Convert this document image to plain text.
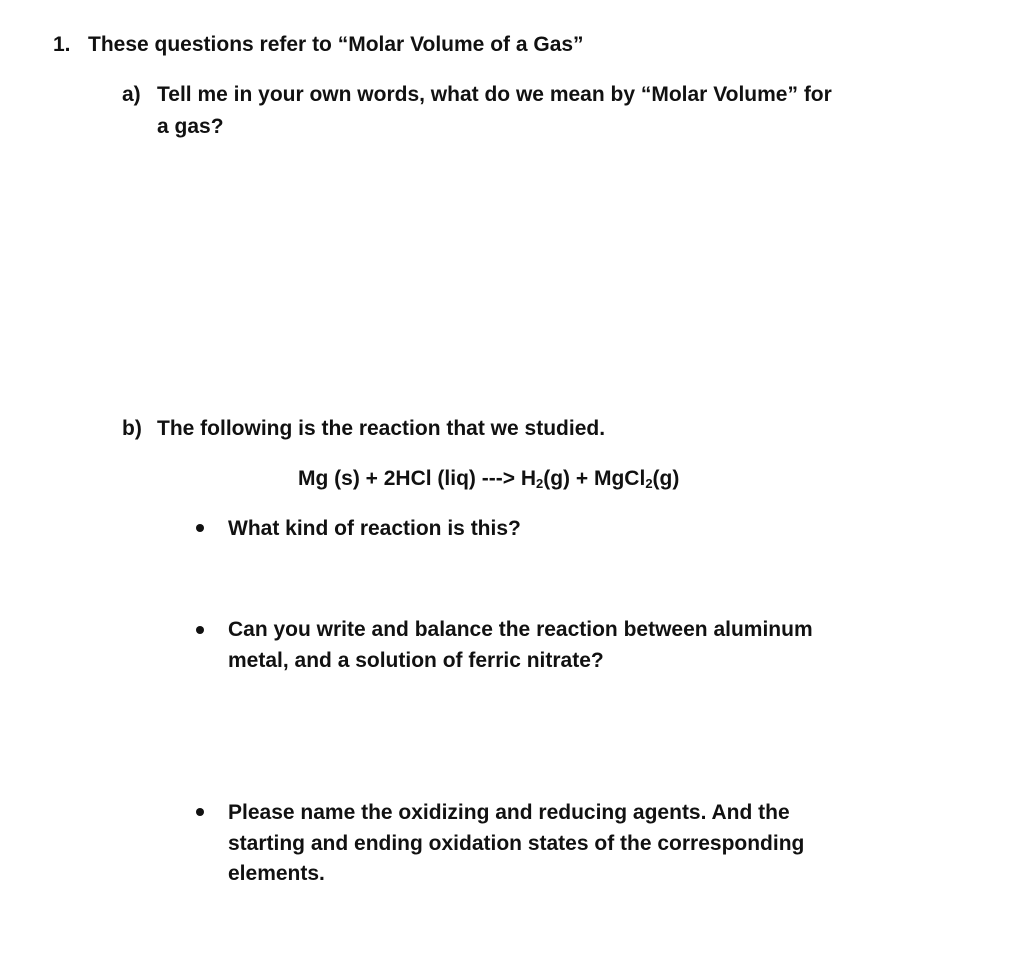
1. These questions refer to “Molar Volume of a Gas”
a) Tell me in your own words, what do we mean by “Molar Volume” for
a gas?
b) The following is the reaction that we studied.
Mg (s) + 2HCl (liq) ---> $H_2(g)$ + MgCl$_2$(g)
What kind of reaction is this?
Can you write and balance the reaction between aluminum
metal, and a solution of ferric nitrate?
Please name the oxidizing and reducing agents. And the
starting and ending oxidation states of the corresponding
elements.
